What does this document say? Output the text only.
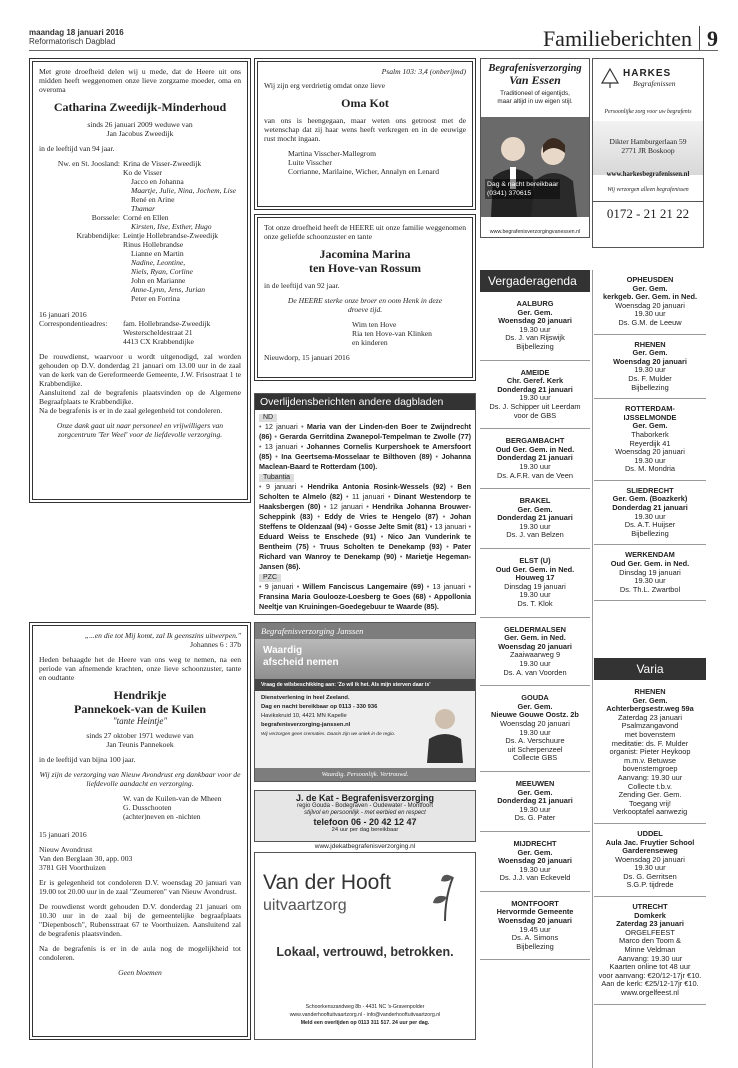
maandag 18 januari 2016
Reformatorisch Dagblad	Familieberichten 9
Met grote droefheid delen wij u mede, dat de Heere uit ons midden heeft weggenomen onze lieve zorgzame moeder, oma en overoma
Catharina Zweedijk-Minderhoud
sinds 26 januari 2009 weduwe van
Jan Jacobus Zweedijk
in de leeftijd van 94 jaar.
Nw. en St. Joosland: Krina de Visser-Zweedijk
Ko de Visser
Jacco en Johanna
Maartje, Julie, Nina, Jochem, Lise
René en Arine
Thamar
Borssele: Corné en Ellen
Kirsten, Ilse, Esther, Hugo
Krabbendijke: Leintje Hollebrandse-Zweedijk
Rinus Hollebrandse
Lianne en Martin
Nadine, Leontine,
Niels, Ryan, Corline
John en Marianne
Anne-Lynn, Jens, Jurian
Peter en Forrina
16 januari 2016
Correspondentieadres:	fam. Hollebrandse-Zweedijk
Westerscheldestraat 21
4413 CX Krabbendijke
De rouwdienst, waarvoor u wordt uitgenodigd, zal worden gehouden op D.V. donderdag 21 januari om 13.00 uur in de zaal van de kerk van de Gereformeerde Gemeente, J.W. Frisostraat 1 te Krabbendijke.
Aansluitend zal de begrafenis plaatsvinden op de Algemene Begraafplaats te Krabbendijke.
Na de begrafenis is er in de zaal gelegenheid tot condoleren.
Onze dank gaat uit naar personeel en vrijwilligers van zorgcentrum 'Ter Weel' voor de liefdevolle verzorging.
Psalm 103: 3,4 (onberijmd)
Wij zijn erg verdrietig omdat onze lieve
Oma Kot
van ons is heengegaan, maar weten ons getroost met de wetenschap dat zij haar wens heeft verkregen en in de eeuwige rust mocht ingaan.
Martina Visscher-Mallegrom
Luite Visscher
Corrianne, Marilaine, Wicher, Annalyn en Lenard
Tot onze droefheid heeft de HEERE uit onze familie weggenomen onze geliefde schoonzuster en tante
Jacomina Marina
ten Hove-van Rossum
in de leeftijd van 92 jaar.
De HEERE sterke onze broer en oom Henk in deze droeve tijd.
Wim ten Hove
Ria ten Hove-van Klinken
en kinderen
Nieuwdorp, 15 januari 2016
Overlijdensberichten andere dagbladen
ND
• 12 januari • Maria van der Linden-den Boer te Zwijndrecht (86) • Gerarda Gerritdina Zwanepol-Tempelman te Zwolle (77) • 13 januari • Johannes Cornelis Kurpershoek te Amersfoort (85) • Ina Geertsema-Mosselaar te Bilthoven (89) • Johanna Maclean-Baard te Rotterdam (100).
Tubantia
• 9 januari • Hendrika Antonia Rosink-Wessels (92) • Ben Scholten te Almelo (82) • 11 januari • Dinant Westendorp te Haaksbergen (80) • 12 januari • Hendrika Johanna Brouwer-Scheppink (83) • Eddy de Vries te Hengelo (87) • Johan Steffens te Oldenzaal (94) • Gosse Jelte Smit (81) • 13 januari • Eduard Weiss te Enschede (91) • Nico Jan Vunderink te Bentheim (75) • Truus Scholten te Denekamp (93) • Pater Richard van Wanroy te Denekamp (90) • Marietje Hegeman-Jansen (86).
PZC
• 9 januari • Willem Fanciscus Langemaire (69) • 13 januari • Fransina Maria Goulooze-Loesberg te Goes (68) • Appollonia Neeltje van Kruiningen-Goedegebuur te Waarde (85).
„...en die tot Mij komt, zal Ik geenszins uitwerpen."
Johannes 6 : 37b
Heden behaagde het de Heere van ons weg te nemen, na een periode van afnemende krachten, onze lieve schoonzuster, tante en oudtante
Hendrikje
Pannekoek-van de Kuilen
"tante Heintje"
sinds 27 oktober 1971 weduwe van
Jan Teunis Pannekoek
in de leeftijd van bijna 100 jaar.
Wij zijn de verzorging van Nieuw Avondrust erg dankbaar voor de liefdevolle aandacht en verzorging.
W. van de Kuilen-van de Mheen
G. Dusschooten
(achter)neven en -nichten
15 januari 2016
Nieuw Avondrust
Van den Berglaan 30, app. 003
3781 GH Voorthuizen
Er is gelegenheid tot condoleren D.V. woensdag 20 januari van 19.00 tot 20.00 uur in de zaal "Zeumeren" van Nieuw Avondrust.
De rouwdienst wordt gehouden D.V. donderdag 21 januari om 10.30 uur in de zaal bij de gemeentelijke begraafplaats "Diepenbosch", Rubensstraat 67 te Voorthuizen. Aansluitend zal de begrafenis plaatsvinden.
Na de begrafenis is er in de aula nog de mogelijkheid tot condoleren.
Geen bloemen
Begrafenisverzorging
Van Essen
Traditioneel of eigentijds,
maar altijd in uw eigen stijl.
Dag & nacht bereikbaar
(0341) 370615
www.begrafenisverzorgingvanessen.nl
HARKES
Begrafenissen
Persoonlijke zorg voor uw begrafenis
Dikter Hamburgerlaan 59
2771 JR Boskoop
www.harkesbegrafenissen.nl
Wij verzorgen alleen begrafenissen
0172 - 21 21 22
Vergaderagenda
AALBURG
Ger. Gem.
Woensdag 20 januari
19.30 uur
Ds. J. van Rijswijk
Bijbellezing
AMEIDE
Chr. Geref. Kerk
Donderdag 21 januari
19.30 uur
Ds. J. Schipper uit Leerdam
voor de GBS
BERGAMBACHT
Oud Ger. Gem. in Ned.
Donderdag 21 januari
19.30 uur
Ds. A.F.R. van de Veen
BRAKEL
Ger. Gem.
Donderdag 21 januari
19.30 uur
Ds. J. van Belzen
ELST (U)
Oud Ger. Gem. in Ned.
Houweg 17
Dinsdag 19 januari
19.30 uur
Ds. T. Klok
GELDERMALSEN
Ger. Gem. in Ned.
Woensdag 20 januari
Zaaiwaarweg 9
19.30 uur
Ds. A. van Voorden
GOUDA
Ger. Gem.
Nieuwe Gouwe Oostz. 2b
Woensdag 20 januari
19.30 uur
Ds. A. Verschuure
uit Scherpenzeel
Collecte GBS
MEEUWEN
Ger. Gem.
Donderdag 21 januari
19.30 uur
Ds. G. Pater
MIJDRECHT
Ger. Gem.
Woensdag 20 januari
19.30 uur
Ds. J.J. van Eckeveld
MONTFOORT
Hervormde Gemeente
Woensdag 20 januari
19.45 uur
Ds. A. Simons
Bijbellezing
OPHEUSDEN
Ger. Gem.
kerkgeb. Ger. Gem. in Ned.
Woensdag 20 januari
19.30 uur
Ds. G.M. de Leeuw
RHENEN
Ger. Gem.
Woensdag 20 januari
19.30 uur
Ds. F. Mulder
Bijbellezing
ROTTERDAM-
IJSSELMONDE
Ger. Gem.
Thaborkerk
Reyerdijk 41
Woensdag 20 januari
19.30 uur
Ds. M. Mondria
SLIEDRECHT
Ger. Gem. (Boazkerk)
Donderdag 21 januari
19.30 uur
Ds. A.T. Huijser
Bijbellezing
WERKENDAM
Oud Ger. Gem. in Ned.
Dinsdag 19 januari
19.30 uur
Ds. Th.L. Zwartbol
Varia
RHENEN
Ger. Gem.
Achterbergsestr.weg 59a
Zaterdag 23 januari
Psalmzangavond
met bovenstem
meditatie: ds. F. Mulder
organist: Pieter Heykoop
m.m.v. Betuwse
bovenstemgroep
Aanvang: 19.30 uur
Collecte t.b.v.
Zending Ger. Gem.
Toegang vrij!
Verkooptafel aanwezig
UDDEL
Aula Jac. Fruytier School
Garderenseweg
Woensdag 20 januari
19.30 uur
Ds. G. Gerritsen
S.G.P. tijdrede
UTRECHT
Domkerk
Zaterdag 23 januari
ORGELFEEST
Marco den Toom &
Minne Veldman
Aanvang: 19.30 uur
Kaarten online tot 48 uur
voor aanvang: €20/12-17jr €10.
Aan de kerk: €25/12-17jr €10.
www.orgelfeest.nl
Begrafenisverzorging Janssen
Waardig
afscheid nemen
Vraag de wilsbeschikking aan: 'Zo wil ik het. Als mijn sterven daar is'
Dienstverlening in heel Zeeland.
Dag en nacht bereikbaar op 0113 - 330 936
Havikskruid 10, 4421 MN Kapelle
begrafenisverzorging-janssen.nl
Wij verzorgen geen crematies. Daarin zijn we uniek in de regio.
Waardig. Persoonlijk. Vertrouwd.
J. de Kat - Begrafenisverzorging
regio Gouda - Bodegraven - Oudewater - Montfoort
stijlvol en persoonlijk - met eerbied en respect
telefoon 06 - 20 42 12 47
24 uur per dag bereikbaar
www.jdekatbegrafenisverzorging.nl
Van der Hooft
uitvaartzorg
Lokaal, vertrouwd, betrokken.
Schoorkenszandweg 8b - 4431 NC 's-Gravenpolder
www.vanderhooftuitvaartzorg.nl - info@vanderhooftuitvaartzorg.nl
Meld een overlijden op 0113 311 517. 24 uur per dag.
